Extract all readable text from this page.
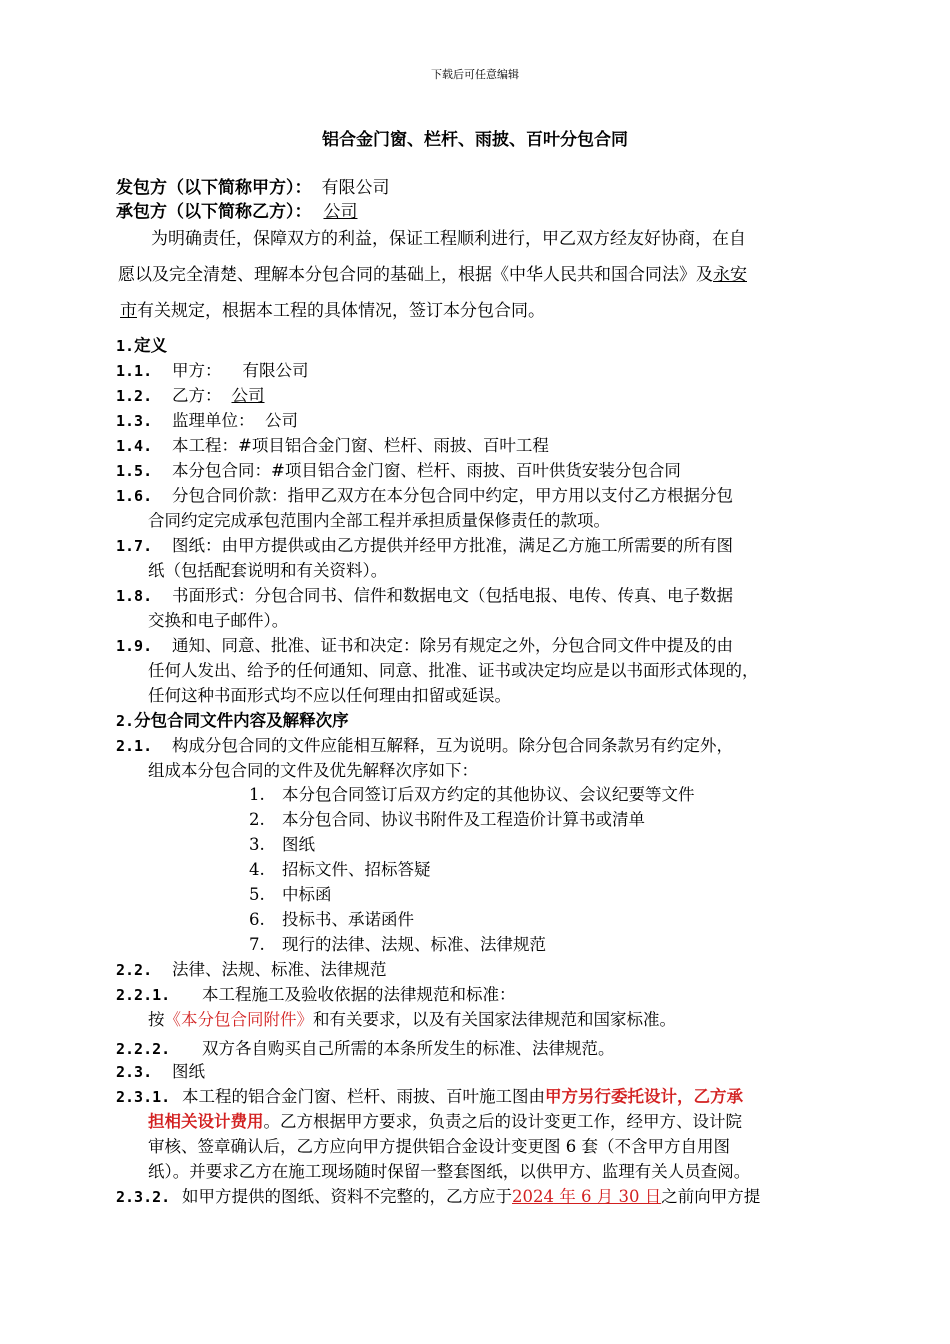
下载后可任意编辑
铝合金门窗、栏杆、雨披、百叶分包合同
发包方（以下简称甲方）： 有限公司
承包方（以下简称乙方）： 公司
为明确责任，保障双方的利益，保证工程顺利进行，甲乙双方经友好协商，在自
愿以及完全清楚、理解本分包合同的基础上，根据《中华人民共和国合同法》及永安
市有关规定，根据本工程的具体情况，签订本分包合同。
1.定义
1.1. 甲方：    有限公司
1.2. 乙方： 公司
1.3. 监理单位：  公司
1.4. 本工程：#项目铝合金门窗、栏杆、雨披、百叶工程
1.5. 本分包合同：#项目铝合金门窗、栏杆、雨披、百叶供货安装分包合同
1.6. 分包合同价款：指甲乙双方在本分包合同中约定，甲方用以支付乙方根据分包
合同约定完成承包范围内全部工程并承担质量保修责任的款项。
1.7. 图纸：由甲方提供或由乙方提供并经甲方批准，满足乙方施工所需要的所有图
纸（包括配套说明和有关资料）。
1.8. 书面形式：分包合同书、信件和数据电文（包括电报、电传、传真、电子数据
交换和电子邮件）。
1.9. 通知、同意、批准、证书和决定：除另有规定之外，分包合同文件中提及的由
任何人发出、给予的任何通知、同意、批准、证书或决定均应是以书面形式体现的，
任何这种书面形式均不应以任何理由扣留或延误。
2.分包合同文件内容及解释次序
2.1. 构成分包合同的文件应能相互解释，互为说明。除分包合同条款另有约定外，
组成本分包合同的文件及优先解释次序如下：
1. 本分包合同签订后双方约定的其他协议、会议纪要等文件
2. 本分包合同、协议书附件及工程造价计算书或清单
3. 图纸
4. 招标文件、招标答疑
5. 中标函
6. 投标书、承诺函件
7. 现行的法律、法规、标准、法律规范
2.2. 法律、法规、标准、法律规范
2.2.1. 本工程施工及验收依据的法律规范和标准：
按《本分包合同附件》和有关要求，以及有关国家法律规范和国家标准。
2.2.2. 双方各自购买自己所需的本条所发生的标准、法律规范。
2.3. 图纸
2.3.1. 本工程的铝合金门窗、栏杆、雨披、百叶施工图由甲方另行委托设计，乙方承
担相关设计费用。乙方根据甲方要求，负责之后的设计变更工作，经甲方、设计院
审核、签章确认后，乙方应向甲方提供铝合金设计变更图 6 套（不含甲方自用图
纸）。并要求乙方在施工现场随时保留一整套图纸，以供甲方、监理有关人员查阅。
2.3.2. 如甲方提供的图纸、资料不完整的，乙方应于2024 年 6 月 30 日之前向甲方提
